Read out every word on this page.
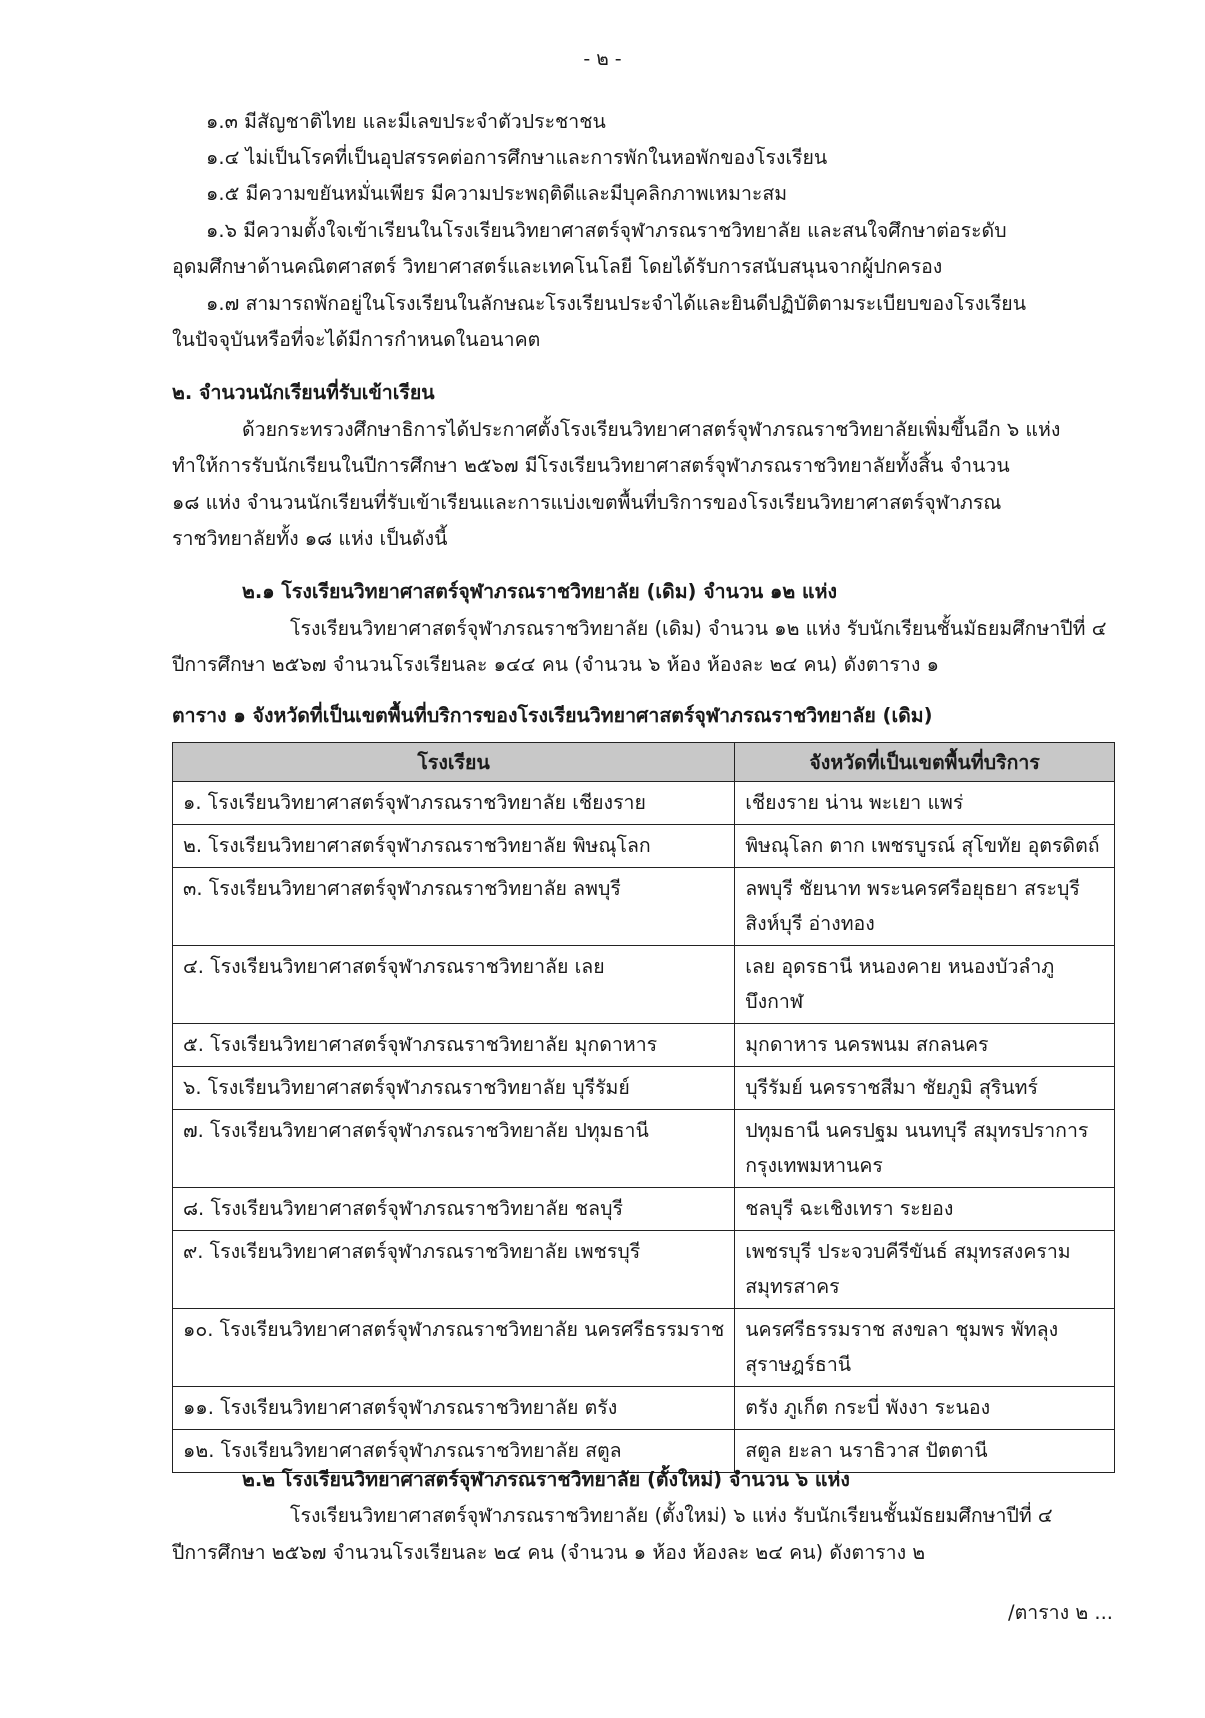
- ๒ -
๑.๓ มีสัญชาติไทย และมีเลขประจำตัวประชาชน
๑.๔ ไม่เป็นโรคที่เป็นอุปสรรคต่อการศึกษาและการพักในหอพักของโรงเรียน
๑.๕ มีความขยันหมั่นเพียร มีความประพฤติดีและมีบุคลิกภาพเหมาะสม
๑.๖ มีความตั้งใจเข้าเรียนในโรงเรียนวิทยาศาสตร์จุฬาภรณราชวิทยาลัย และสนใจศึกษาต่อระดับ
อุดมศึกษาด้านคณิตศาสตร์ วิทยาศาสตร์และเทคโนโลยี โดยได้รับการสนับสนุนจากผู้ปกครอง
๑.๗ สามารถพักอยู่ในโรงเรียนในลักษณะโรงเรียนประจำได้และยินดีปฏิบัติตามระเบียบของโรงเรียน
ในปัจจุบันหรือที่จะได้มีการกำหนดในอนาคต
๒. จำนวนนักเรียนที่รับเข้าเรียน
ด้วยกระทรวงศึกษาธิการได้ประกาศตั้งโรงเรียนวิทยาศาสตร์จุฬาภรณราชวิทยาลัยเพิ่มขึ้นอีก ๖ แห่ง
ทำให้การรับนักเรียนในปีการศึกษา ๒๕๖๗ มีโรงเรียนวิทยาศาสตร์จุฬาภรณราชวิทยาลัยทั้งสิ้น จำนวน
๑๘ แห่ง จำนวนนักเรียนที่รับเข้าเรียนและการแบ่งเขตพื้นที่บริการของโรงเรียนวิทยาศาสตร์จุฬาภรณ
ราชวิทยาลัยทั้ง ๑๘ แห่ง เป็นดังนี้
๒.๑ โรงเรียนวิทยาศาสตร์จุฬาภรณราชวิทยาลัย (เดิม) จำนวน ๑๒ แห่ง
โรงเรียนวิทยาศาสตร์จุฬาภรณราชวิทยาลัย (เดิม) จำนวน ๑๒ แห่ง รับนักเรียนชั้นมัธยมศึกษาปีที่ ๔
ปีการศึกษา ๒๕๖๗ จำนวนโรงเรียนละ ๑๔๔ คน (จำนวน ๖ ห้อง ห้องละ ๒๔ คน) ดังตาราง ๑
ตาราง ๑ จังหวัดที่เป็นเขตพื้นที่บริการของโรงเรียนวิทยาศาสตร์จุฬาภรณราชวิทยาลัย (เดิม)
โรงเรียน	จังหวัดที่เป็นเขตพื้นที่บริการ
๑. โรงเรียนวิทยาศาสตร์จุฬาภรณราชวิทยาลัย เชียงราย	เชียงราย น่าน พะเยา แพร่

๒. โรงเรียนวิทยาศาสตร์จุฬาภรณราชวิทยาลัย พิษณุโลก	พิษณุโลก ตาก เพชรบูรณ์ สุโขทัย อุตรดิตถ์

๓. โรงเรียนวิทยาศาสตร์จุฬาภรณราชวิทยาลัย ลพบุรี	ลพบุรี ชัยนาท พระนครศรีอยุธยา สระบุรี
สิงห์บุรี อ่างทอง

๔. โรงเรียนวิทยาศาสตร์จุฬาภรณราชวิทยาลัย เลย	เลย อุดรธานี หนองคาย หนองบัวลำภู
บึงกาฬ

๕. โรงเรียนวิทยาศาสตร์จุฬาภรณราชวิทยาลัย มุกดาหาร	มุกดาหาร นครพนม สกลนคร

๖. โรงเรียนวิทยาศาสตร์จุฬาภรณราชวิทยาลัย บุรีรัมย์	บุรีรัมย์ นครราชสีมา ชัยภูมิ สุรินทร์

๗. โรงเรียนวิทยาศาสตร์จุฬาภรณราชวิทยาลัย ปทุมธานี	ปทุมธานี นครปฐม นนทบุรี สมุทรปราการ
กรุงเทพมหานคร

๘. โรงเรียนวิทยาศาสตร์จุฬาภรณราชวิทยาลัย ชลบุรี	ชลบุรี ฉะเชิงเทรา ระยอง

๙. โรงเรียนวิทยาศาสตร์จุฬาภรณราชวิทยาลัย เพชรบุรี	เพชรบุรี ประจวบคีรีขันธ์ สมุทรสงคราม
สมุทรสาคร

๑๐. โรงเรียนวิทยาศาสตร์จุฬาภรณราชวิทยาลัย นครศรีธรรมราช	นครศรีธรรมราช สงขลา ชุมพร พัทลุง
สุราษฎร์ธานี

๑๑. โรงเรียนวิทยาศาสตร์จุฬาภรณราชวิทยาลัย ตรัง	ตรัง ภูเก็ต กระบี่ พังงา ระนอง

๑๒. โรงเรียนวิทยาศาสตร์จุฬาภรณราชวิทยาลัย สตูล	สตูล ยะลา นราธิวาส ปัตตานี
๒.๒ โรงเรียนวิทยาศาสตร์จุฬาภรณราชวิทยาลัย (ตั้งใหม่) จำนวน ๖ แห่ง
โรงเรียนวิทยาศาสตร์จุฬาภรณราชวิทยาลัย (ตั้งใหม่) ๖ แห่ง รับนักเรียนชั้นมัธยมศึกษาปีที่ ๔
ปีการศึกษา ๒๕๖๗ จำนวนโรงเรียนละ ๒๔ คน (จำนวน ๑ ห้อง ห้องละ ๒๔ คน) ดังตาราง ๒
/ตาราง ๒ ...
